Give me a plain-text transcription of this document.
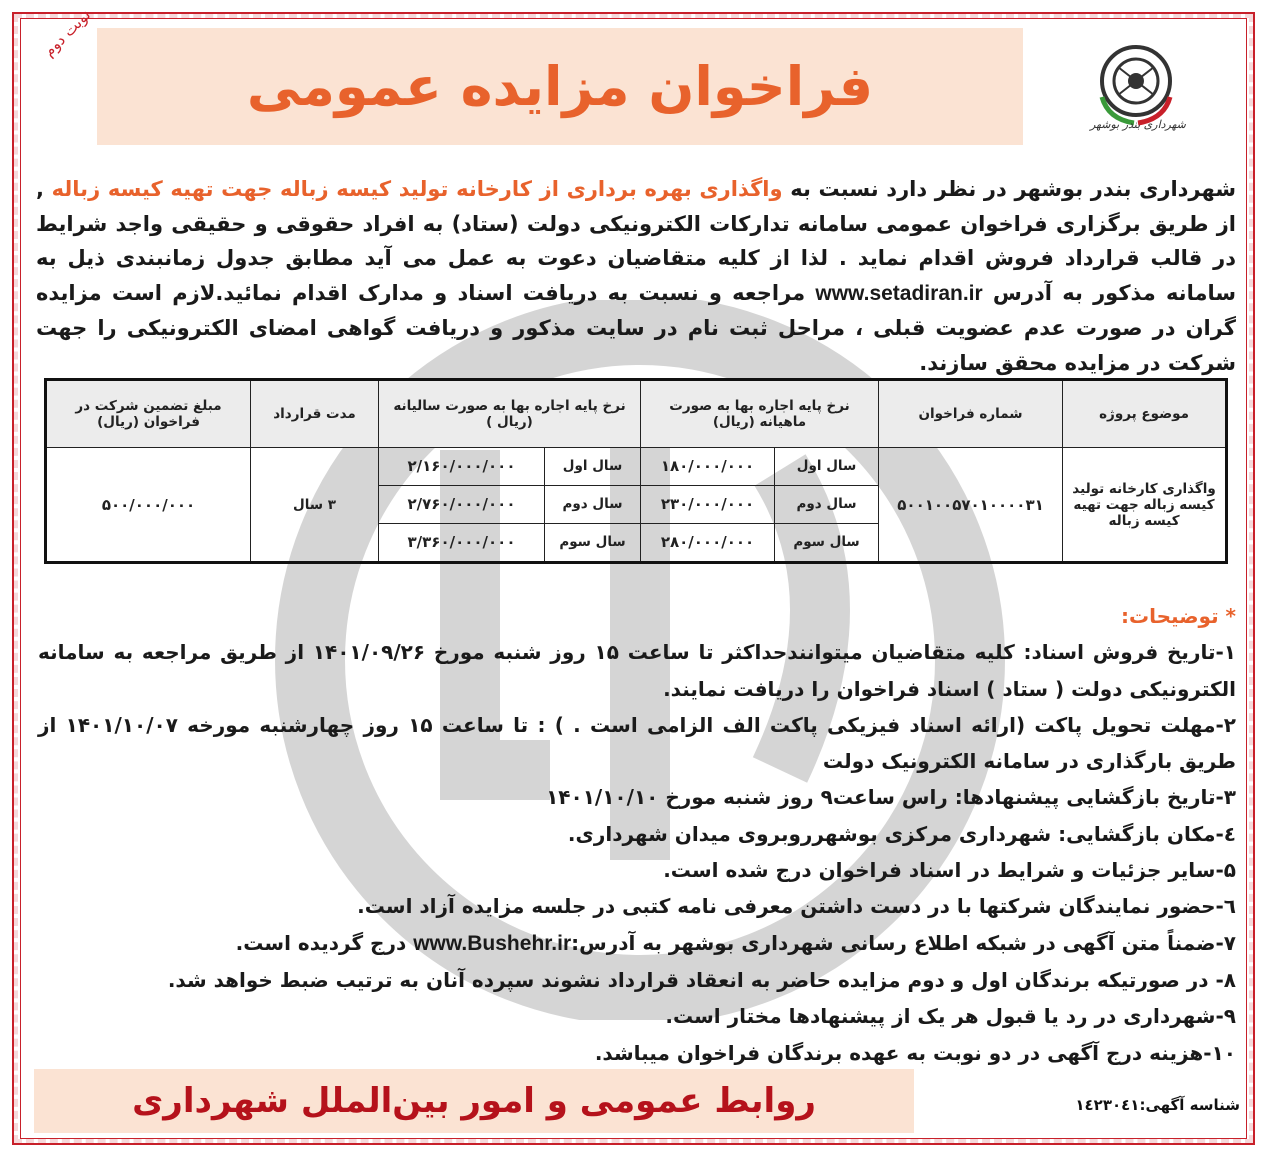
نوبت دوم
فراخوان مزایده عمومی
شهرداری بندر بوشهر
شهرداری بندر بوشهر در نظر دارد نسبت به واگذاری بهره برداری از کارخانه تولید کیسه زباله جهت تهیه کیسه زباله , از طریق برگزاری فراخوان عمومی سامانه تدارکات الکترونیکی دولت (ستاد) به افراد حقوقی و حقیقی واجد شرایط در قالب قرارداد فروش اقدام نماید . لذا از کلیه متقاضیان دعوت به عمل می آید مطابق جدول زمانبندی ذیل به سامانه مذکور به آدرس www.setadiran.ir مراجعه و نسبت به دریافت اسناد و مدارک اقدام نمائید.لازم است مزایده گران در صورت عدم عضویت قبلی ، مراحل ثبت نام در سایت مذکور و دریافت گواهی امضای الکترونیکی را جهت شرکت در مزایده محقق سازند.
موضوع پروژه	شماره فراخوان	نرخ پایه اجاره بها به صورت ماهیانه (ریال)		نرخ پایه اجاره بها به صورت سالیانه (ریال )		مدت قرارداد	مبلغ تضمین شرکت در فراخوان (ریال)
واگذاری کارخانه تولید کیسه زباله جهت تهیه کیسه زباله	۵۰۰۱۰۰۵۷۰۱۰۰۰۰۳۱	سال اول	۱۸۰/۰۰۰/۰۰۰	سال اول	۲/۱۶۰/۰۰۰/۰۰۰	۳ سال	۵۰۰/۰۰۰/۰۰۰
		سال دوم	۲۳۰/۰۰۰/۰۰۰	سال دوم	۲/۷۶۰/۰۰۰/۰۰۰		
		سال سوم	۲۸۰/۰۰۰/۰۰۰	سال سوم	۳/۳۶۰/۰۰۰/۰۰۰		
* توضیحات:
۱-تاریخ فروش اسناد: کلیه متقاضیان میتوانندحداکثر تا ساعت ۱۵ روز شنبه مورخ ۱۴۰۱/۰۹/۲۶ از طریق مراجعه به سامانه الکترونیکی دولت ( ستاد ) اسناد فراخوان را دریافت نمایند.
۲-مهلت تحویل پاکت (ارائه اسناد فیزیکی پاکت الف الزامی است . ) : تا ساعت ۱۵ روز چهارشنبه مورخه ۱۴۰۱/۱۰/۰۷ از طریق بارگذاری در سامانه الکترونیک دولت
۳-تاریخ بازگشایی پیشنهادها: راس ساعت۹ روز شنبه مورخ ۱۴۰۱/۱۰/۱۰
٤-مکان بازگشایی: شهرداری مرکزی بوشهرروبروی میدان شهرداری.
۵-سایر جزئیات و شرایط در اسناد فراخوان درج شده است.
٦-حضور نمایندگان شرکتها با در دست داشتن معرفی نامه کتبی در جلسه مزایده آزاد است.
۷-ضمناً متن آگهی در شبکه اطلاع رسانی شهرداری بوشهر به آدرس:www.Bushehr.ir درج گردیده است.
۸- در صورتیکه برندگان اول و دوم مزایده حاضر به انعقاد قرارداد نشوند سپرده آنان به ترتیب ضبط خواهد شد.
۹-شهرداری در رد یا قبول هر یک از پیشنهادها مختار است.
۱۰-هزینه درج آگهی در دو نوبت به عهده برندگان فراخوان میباشد.
روابط عمومی و امور بین‌الملل شهرداری	شناسه آگهی:۱٤۲۳۰٤۱
